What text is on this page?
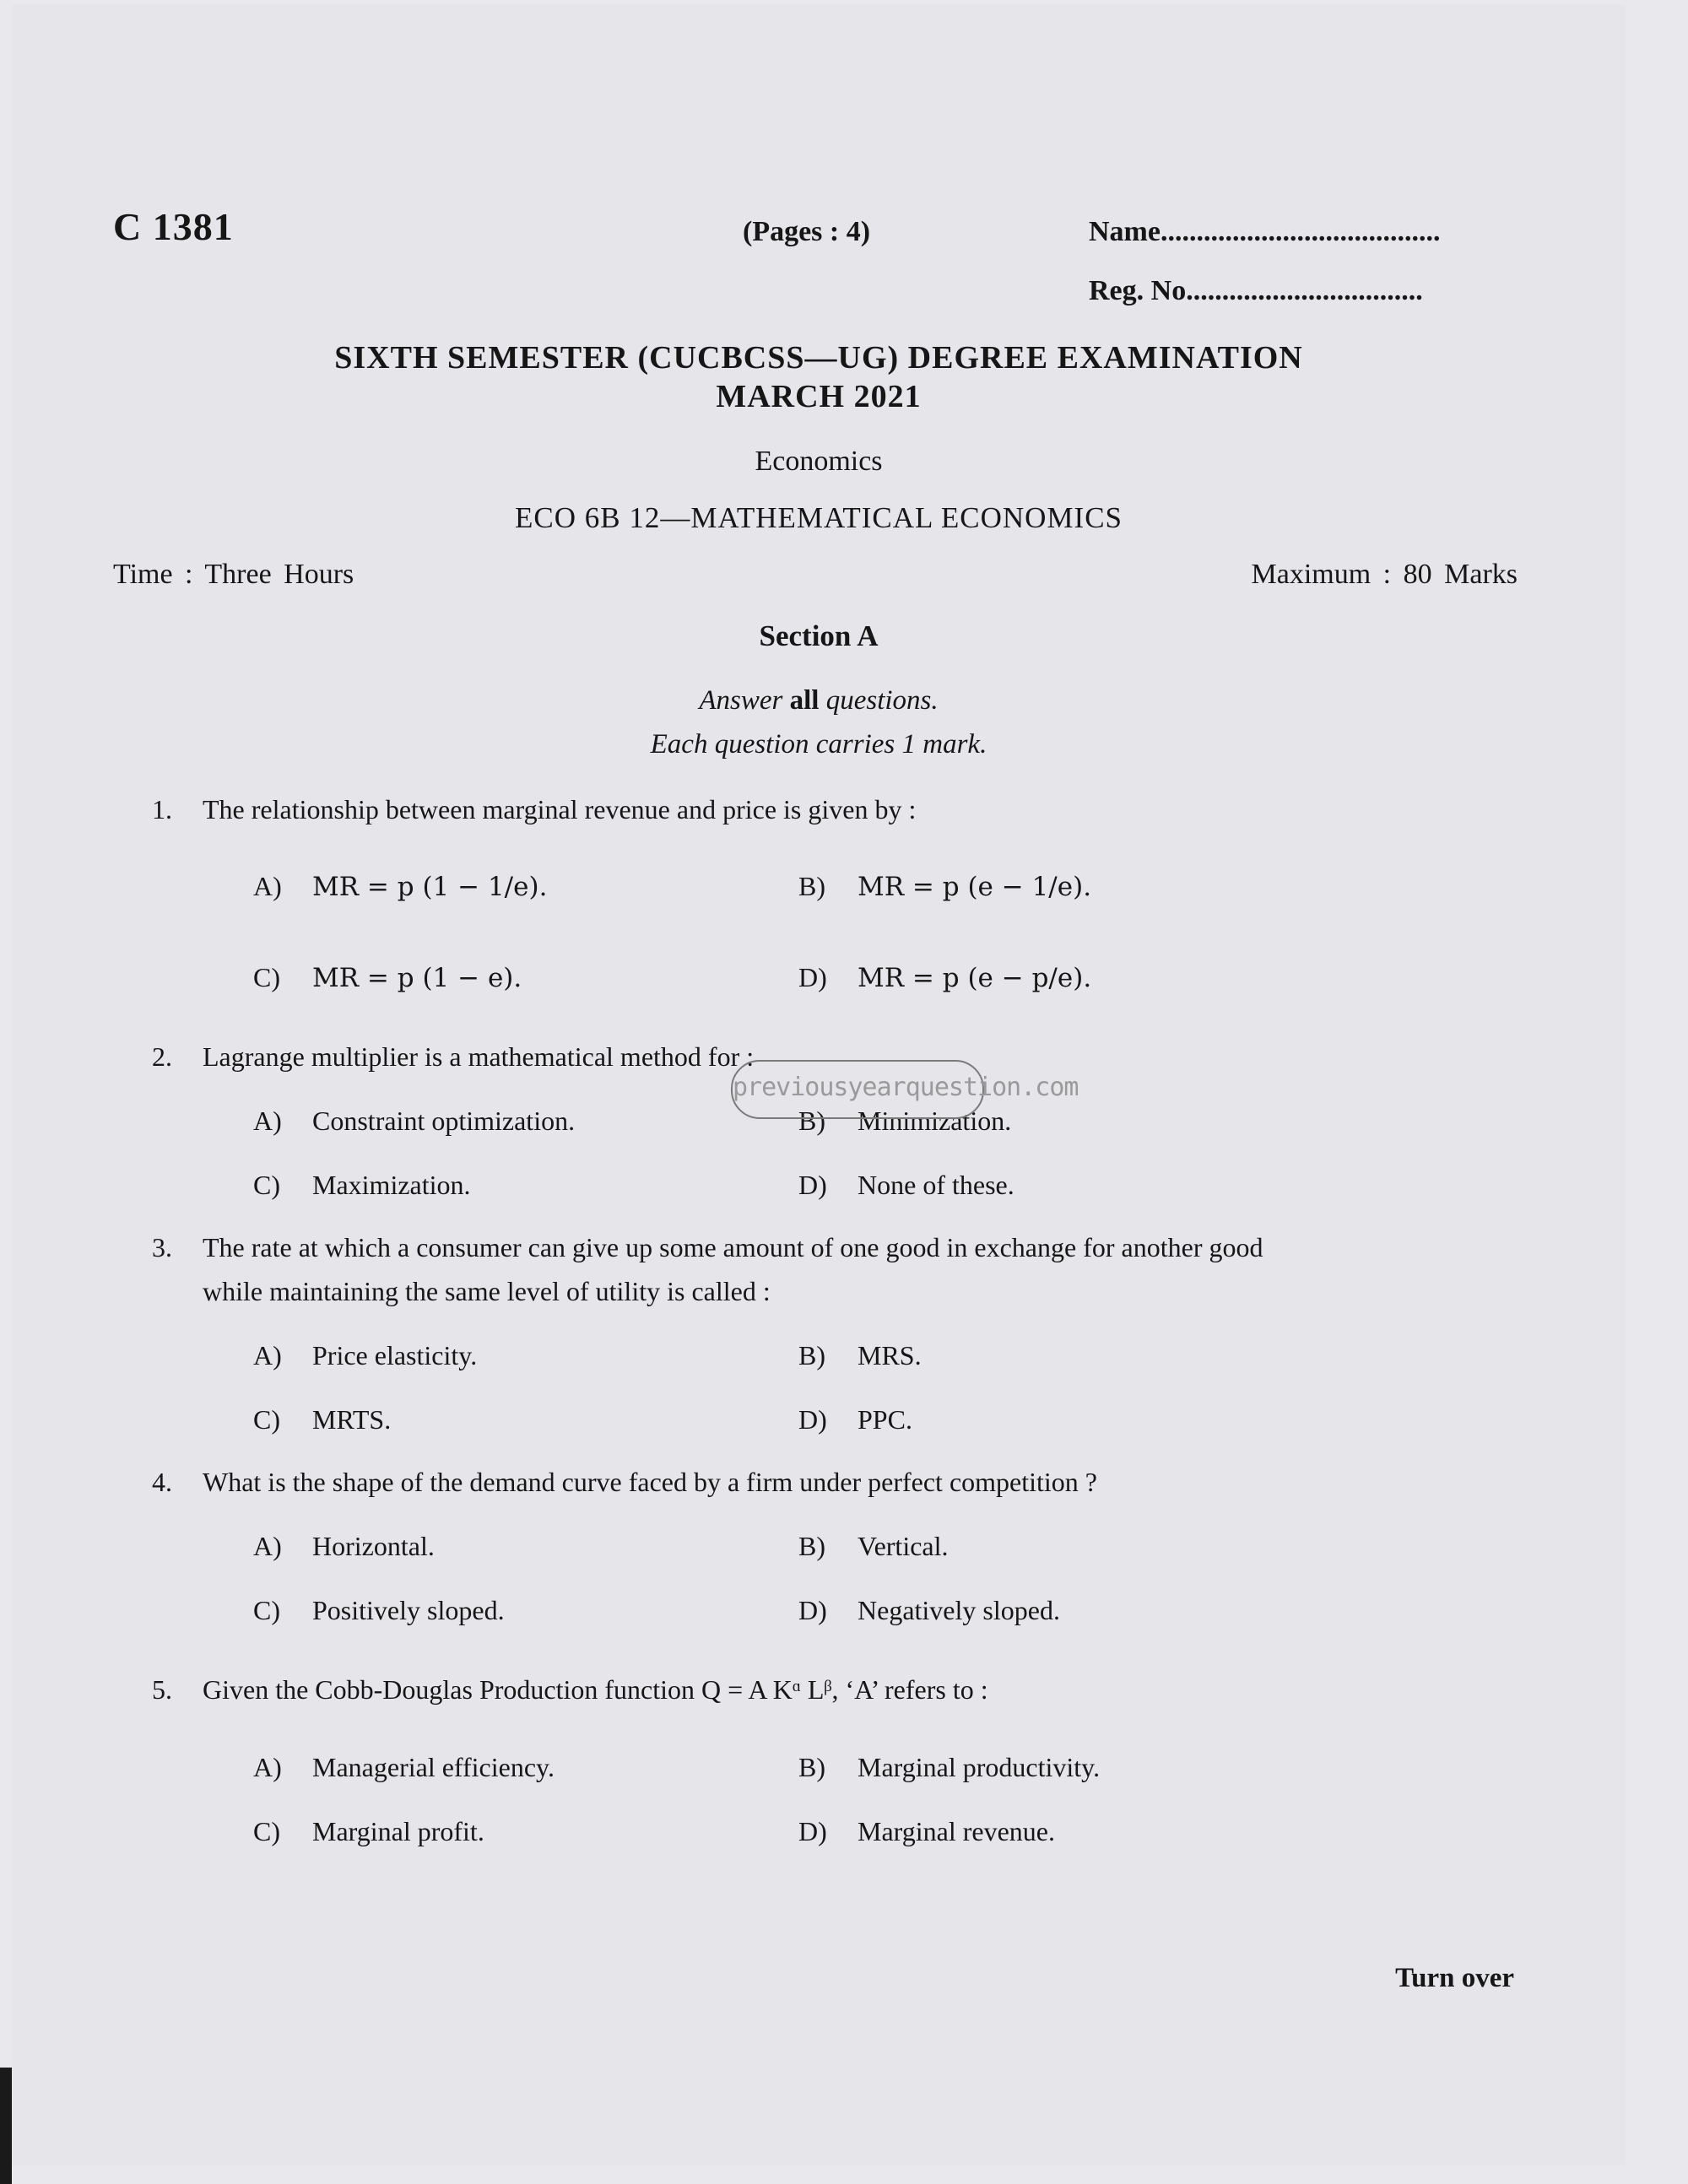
C 1381	(Pages : 4)	Name.......................................
Reg. No.................................
SIXTH SEMESTER (CUCBCSS—UG) DEGREE EXAMINATION
MARCH 2021
Economics
ECO 6B 12—MATHEMATICAL ECONOMICS
Time : Three Hours	Maximum : 80 Marks
Section A
Answer all questions.
Each question carries 1 mark.
1. The relationship between marginal revenue and price is given by :
A) MR = p (1 − 1/e).	B) MR = p (e − 1/e).
C) MR = p (1 − e).	D) MR = p (e − p/e).
2. Lagrange multiplier is a mathematical method for :
A) Constraint optimization.	B) Minimization.
C) Maximization.	D) None of these.
previousyearquestion.com
3. The rate at which a consumer can give up some amount of one good in exchange for another good
while maintaining the same level of utility is called :
A) Price elasticity.	B) MRS.
C) MRTS.	D) PPC.
4. What is the shape of the demand curve faced by a firm under perfect competition ?
A) Horizontal.	B) Vertical.
C) Positively sloped.	D) Negatively sloped.
5. Given the Cobb-Douglas Production function Q = A Kᵅ Lᵝ, ‘A’ refers to :
A) Managerial efficiency.	B) Marginal productivity.
C) Marginal profit.	D) Marginal revenue.
Turn over
